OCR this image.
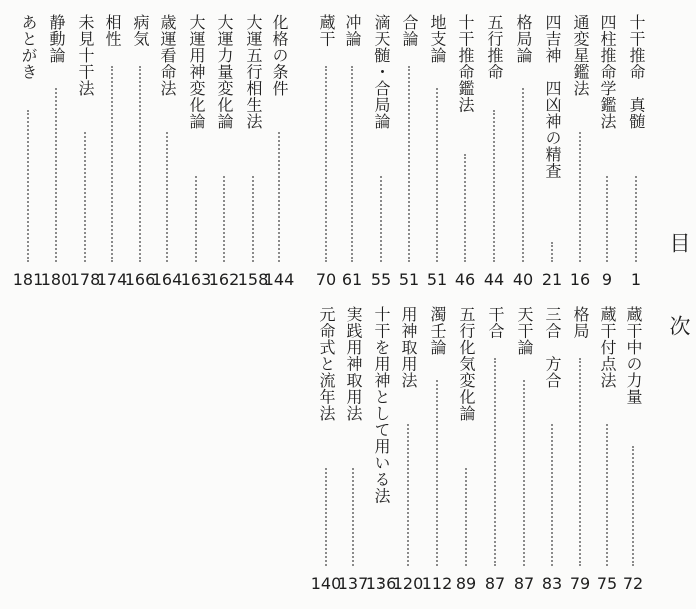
目次
十干推命　真髄
1
四柱推命学鑑法
9
通変星鑑法
16
四吉神　四凶神の精査
21
格局論
40
五行推命
44
十干推命鑑法
46
地支論
51
合論
51
滴天髄・合局論
55
冲論
61
蔵干
70
化格の条件
144
大運五行相生法
158
大運力量変化論
162
大運用神変化論
163
歳運看命法
164
病気
166
相性
174
未見十干法
178
静動論
180
あとがき
181
蔵干中の力量
72
蔵干付点法
75
格局
79
三合　方合
83
天干論
87
干合
87
五行化気変化論
89
濁壬論
112
用神取用法
120
十干を用神として用いる法
136
実践用神取用法
137
元命式と流年法
140
